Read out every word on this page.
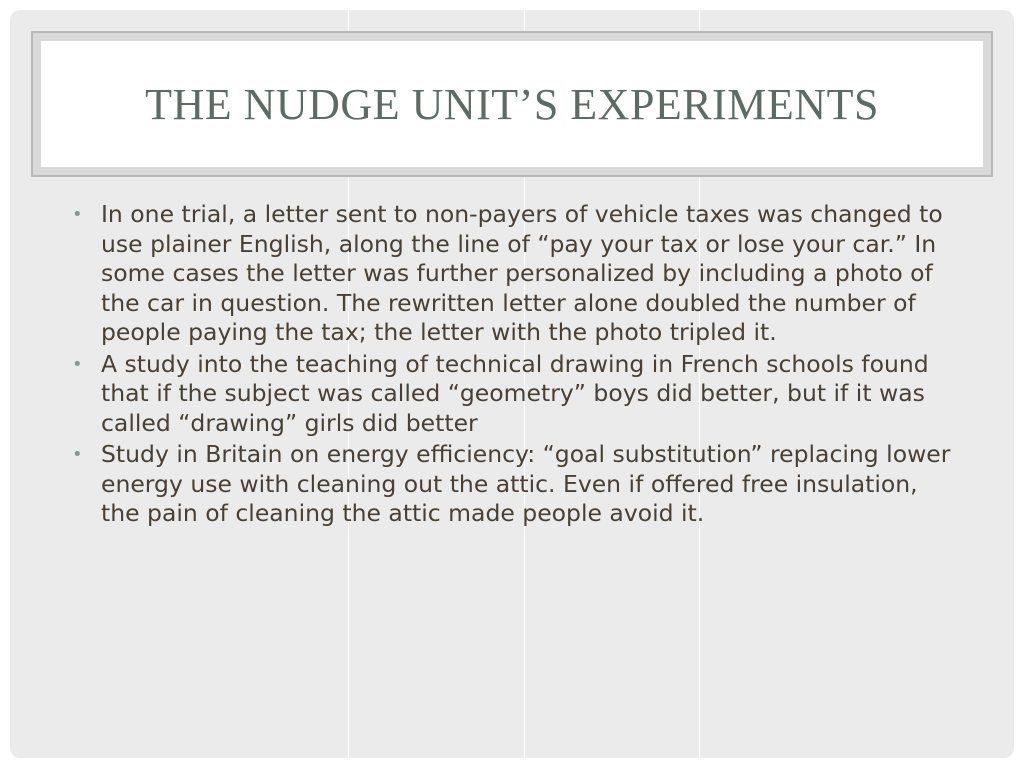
THE NUDGE UNIT’S EXPERIMENTS
• In one trial, a letter sent to non-payers of vehicle taxes was changed to use plainer English, along the line of “pay your tax or lose your car.” In some cases the letter was further personalized by including a photo of the car in question. The rewritten letter alone doubled the number of people paying the tax; the letter with the photo tripled it.
• A study into the teaching of technical drawing in French schools found that if the subject was called “geometry” boys did better, but if it was called “drawing” girls did better
• Study in Britain on energy efficiency: “goal substitution” replacing lower energy use with cleaning out the attic. Even if offered free insulation, the pain of cleaning the attic made people avoid it.
